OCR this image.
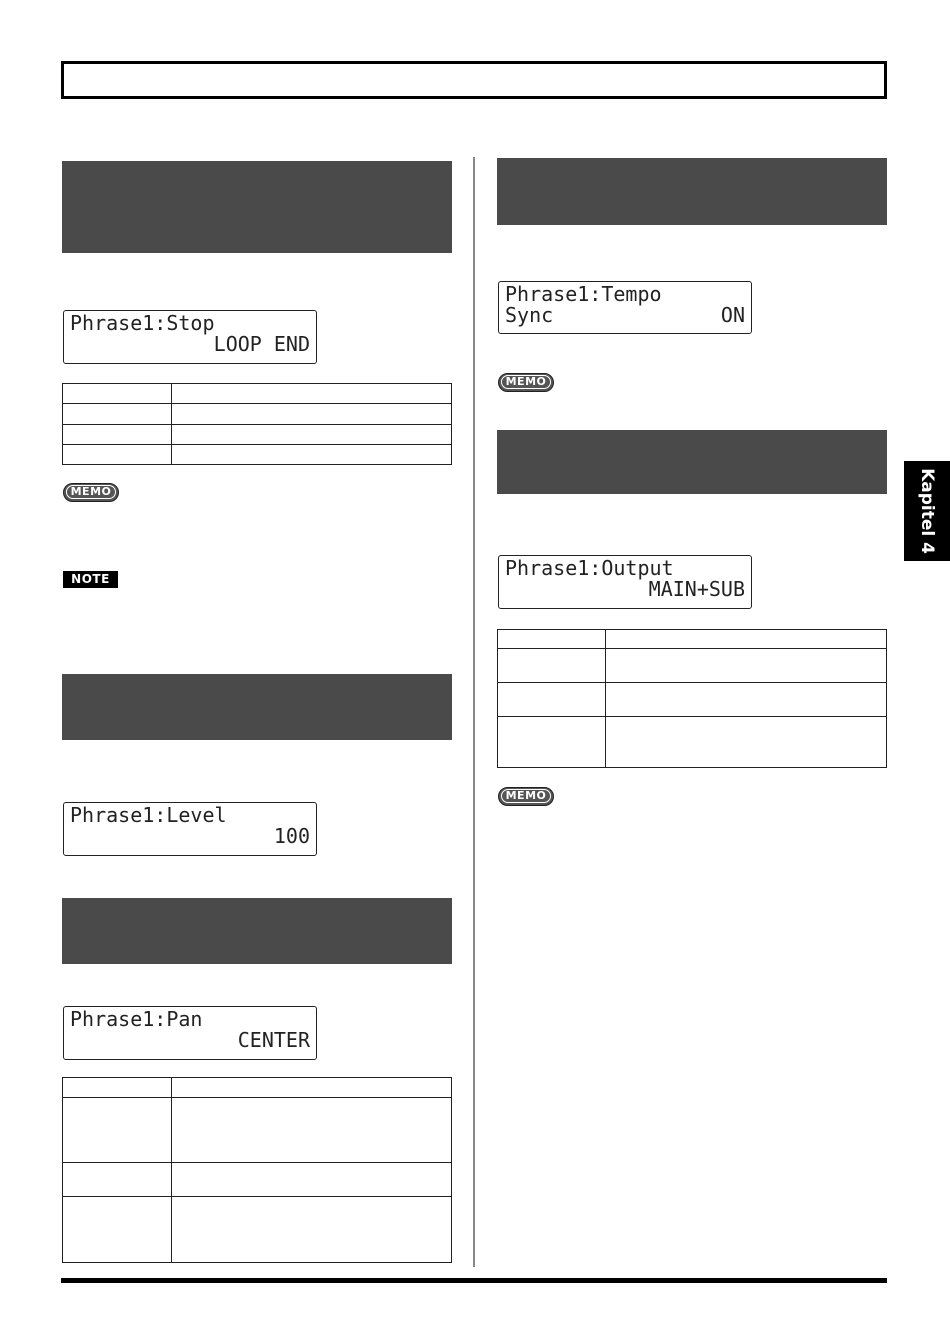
Phrase1:Stop
LOOP END

MEMO
NOTE
Phrase1:Level
100
Phrase1:Pan
CENTER

Phrase1:Tempo
Sync	ON
MEMO
Phrase1:Output
MAIN+SUB

MEMO
Kapitel 4
